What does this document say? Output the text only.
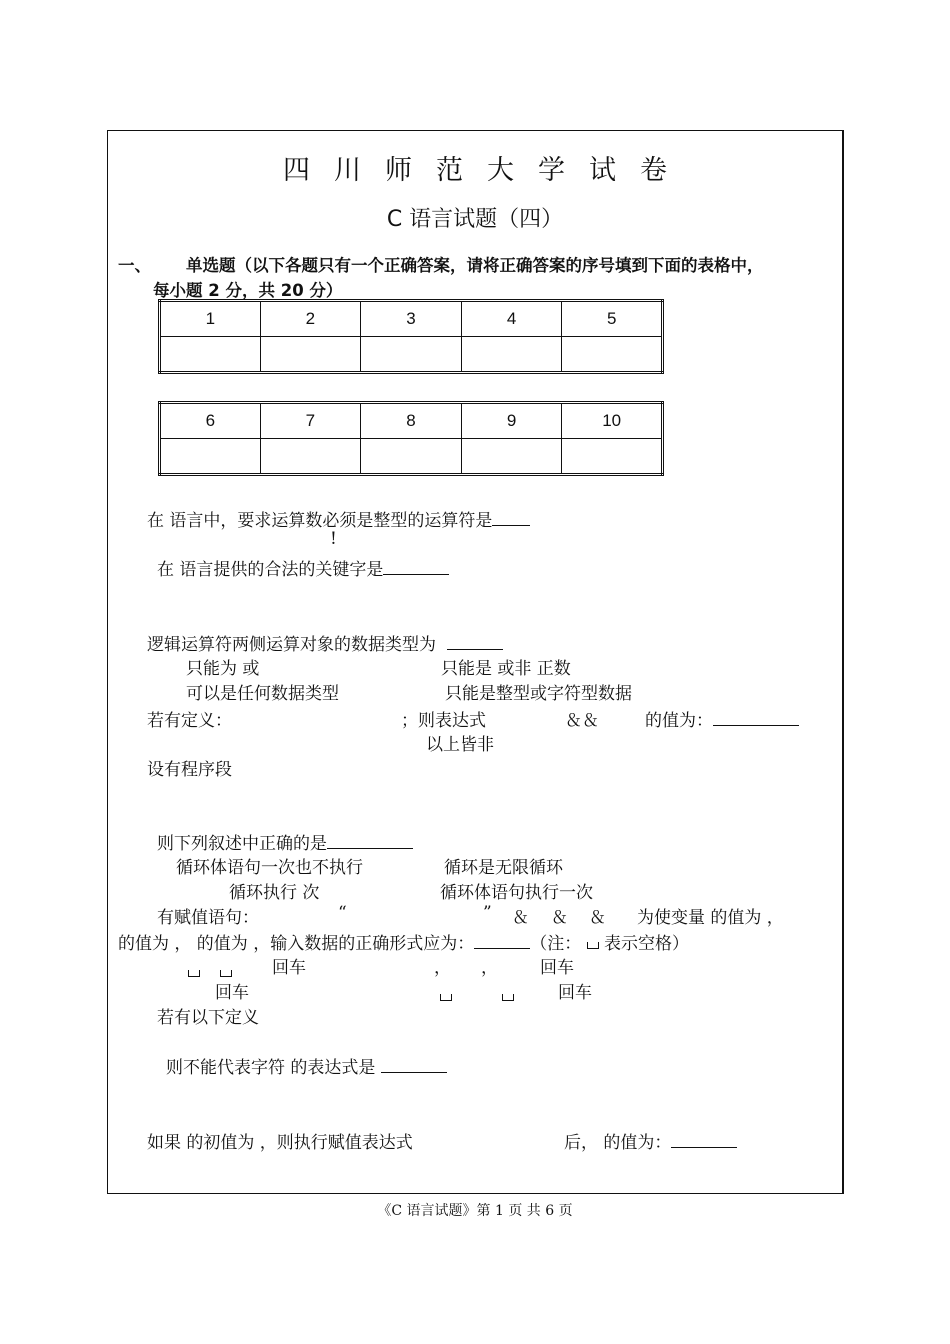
四川师范大学试卷
C 语言试题（四）
一、 单选题（以下各题只有一个正确答案，请将正确答案的序号填到下面的表格中，
每小题 2 分，共 20 分）
1	2	3	4	5

6	7	8	9	10

在 语言中，要求运算数必须是整型的运算符是
!
在 语言提供的合法的关键字是
逻辑运算符两侧运算对象的数据类型为
只能为 或	只能是 或非 正数
可以是任何数据类型	只能是整型或字符型数据
若有定义：	；则表达式	＆＆	的值为：
以上皆非
设有程序段
则下列叙述中正确的是
循环体语句一次也不执行	循环是无限循环
循环执行 次	循环体语句执行一次
有赋值语句：	“	” ＆ ＆ ＆ 为使变量 的值为 ，
的值为 ， 的值为 ，输入数据的正确形式应为：	（注： 表示空格）

回车	， ， 回车
回车	回车
若有以下定义
则不能代表字符 的表达式是
如果 的初值为 ，则执行赋值表达式	后， 的值为：
《C 语言试题》第 1 页 共 6 页
